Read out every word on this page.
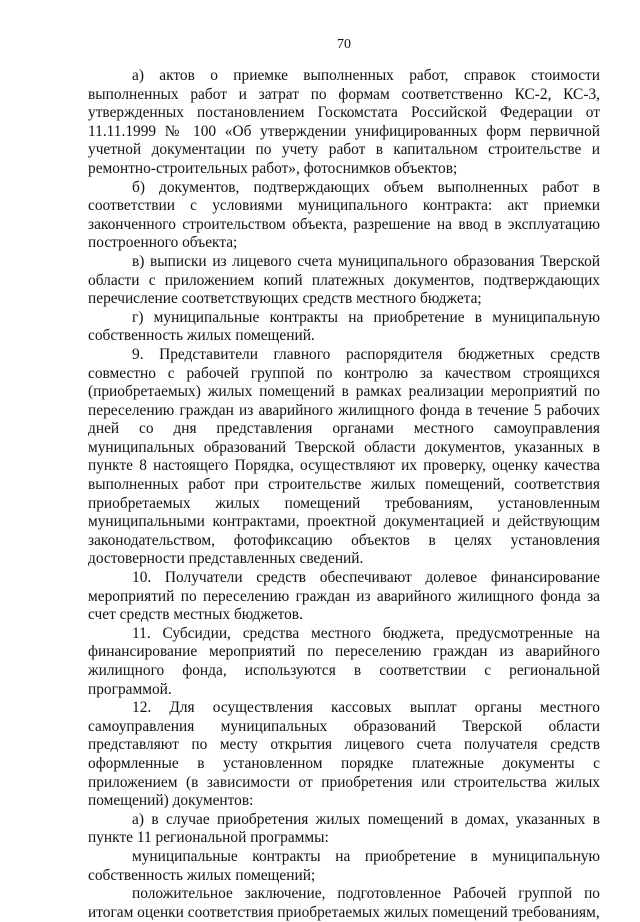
70

а) актов о приемке выполненных работ, справок стоимости выполненных работ и затрат по формам соответственно КС-2, КС-3, утвержденных постановлением Госкомстата Российской Федерации от 11.11.1999 № 100 «Об утверждении унифицированных форм первичной учетной документации по учету работ в капитальном строительстве и ремонтно-строительных работ», фотоснимков объектов;

б) документов, подтверждающих объем выполненных работ в соответствии с условиями муниципального контракта: акт приемки законченного строительством объекта, разрешение на ввод в эксплуатацию построенного объекта;

в) выписки из лицевого счета муниципального образования Тверской области с приложением копий платежных документов, подтверждающих перечисление соответствующих средств местного бюджета;

г) муниципальные контракты на приобретение в муниципальную собственность жилых помещений.

9. Представители главного распорядителя бюджетных средств совместно с рабочей группой по контролю за качеством строящихся (приобретаемых) жилых помещений в рамках реализации мероприятий по переселению граждан из аварийного жилищного фонда в течение 5 рабочих дней со дня представления органами местного самоуправления муниципальных образований Тверской области документов, указанных в пункте 8 настоящего Порядка, осуществляют их проверку, оценку качества выполненных работ при строительстве жилых помещений, соответствия приобретаемых жилых помещений требованиям, установленным муниципальными контрактами, проектной документацией и действующим законодательством, фотофиксацию объектов в целях установления достоверности представленных сведений.

10. Получатели средств обеспечивают долевое финансирование мероприятий по переселению граждан из аварийного жилищного фонда за счет средств местных бюджетов.

11. Субсидии, средства местного бюджета, предусмотренные на финансирование мероприятий по переселению граждан из аварийного жилищного фонда, используются в соответствии с региональной программой.

12. Для осуществления кассовых выплат органы местного самоуправления муниципальных образований Тверской области представляют по месту открытия лицевого счета получателя средств оформленные в установленном порядке платежные документы с приложением (в зависимости от приобретения или строительства жилых помещений) документов:

а) в случае приобретения жилых помещений в домах, указанных в пункте 11 региональной программы:

муниципальные контракты на приобретение в муниципальную собственность жилых помещений;

положительное заключение, подготовленное Рабочей группой по итогам оценки соответствия приобретаемых жилых помещений требованиям,
